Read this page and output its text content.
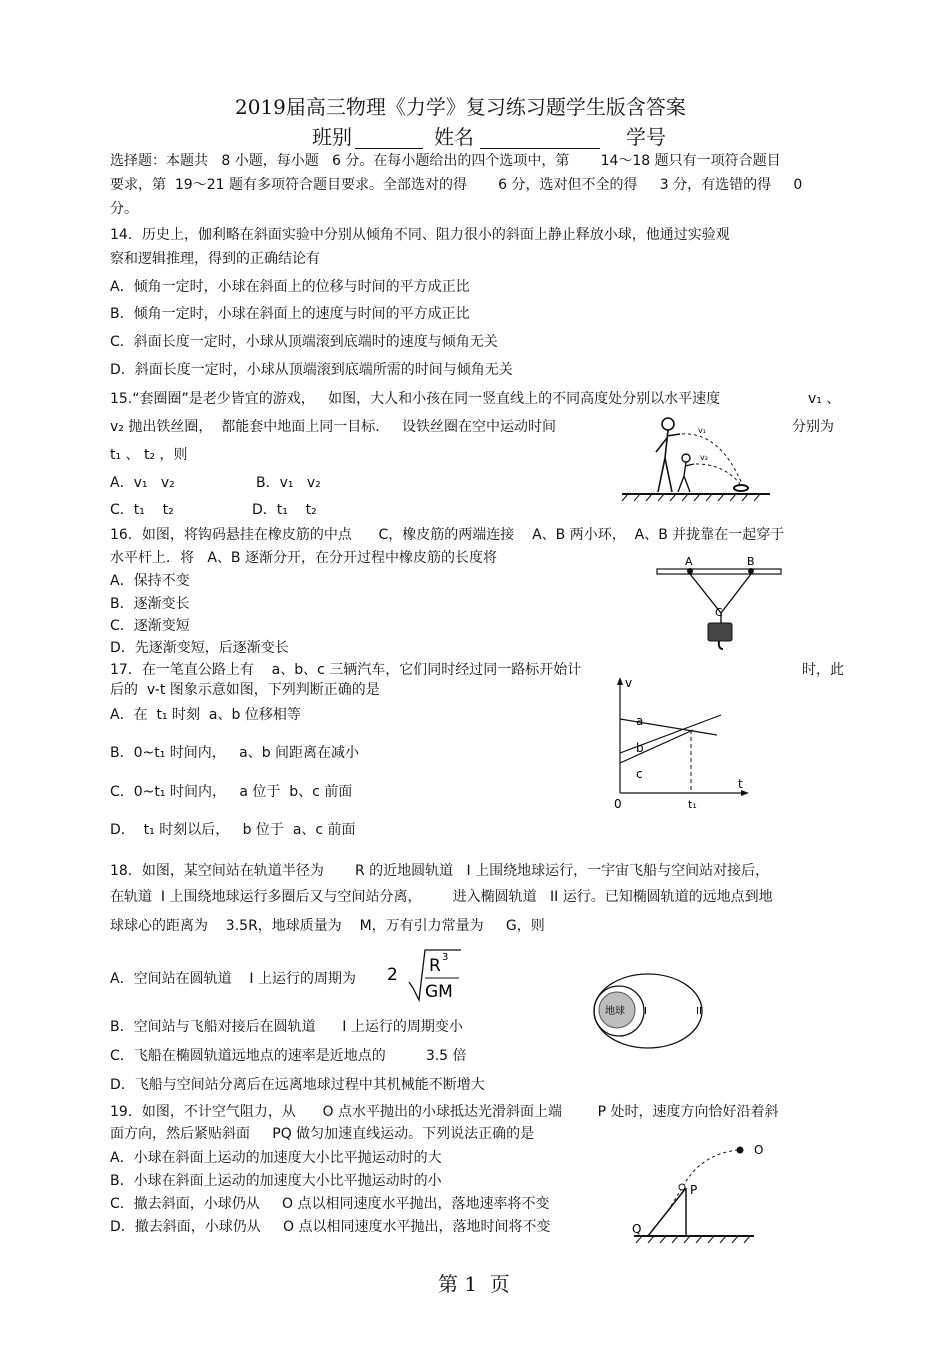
2019届高三物理《力学》复习练习题学生版含答案
班别	姓名	学号
选择题：本题共   8 小题，每小题   6 分。在每小题给出的四个选项中，第       14～18 题只有一项符合题目
要求，第  19～21 题有多项符合题目要求。全部选对的得       6 分，选对但不全的得     3 分，有选错的得     0
分。
14．历史上，伽利略在斜面实验中分别从倾角不同、阻力很小的斜面上静止释放小球，他通过实验观
察和逻辑推理，得到的正确结论有
A．倾角一定时，小球在斜面上的位移与时间的平方成正比
B．倾角一定时，小球在斜面上的速度与时间的平方成正比
C．斜面长度一定时，小球从顶端滚到底端时的速度与倾角无关
D．斜面长度一定时，小球从顶端滚到底端所需的时间与倾角无关
15.“套圈圈”是老少皆宜的游戏，   如图，大人和小孩在同一竖直线上的不同高度处分别以水平速度	v₁ 、
v₂ 抛出铁丝圈，  都能套中地面上同一目标.     设铁丝圈在空中运动时间	分别为
t₁ 、 t₂ ，则
A．v₁   v₂	B．v₁   v₂
C．t₁    t₂	D．t₁    t₂
v₁
v₂
16．如图，将钩码悬挂在橡皮筋的中点      C，橡皮筋的两端连接    A、B 两小环，  A、B 并拢靠在一起穿于
水平杆上．将   A、B 逐渐分开，在分开过程中橡皮筋的长度将
A．保持不变
B．逐渐变长
C．逐渐变短
D．先逐渐变短，后逐渐变长
A	B
C
17．在一笔直公路上有    a、b、c 三辆汽车，它们同时经过同一路标开始计	时，此
后的  v-t 图象示意如图，下列判断正确的是
A．在  t₁ 时刻  a、b 位移相等
B．0~t₁ 时间内，   a、b 间距离在减小
C．0~t₁ 时间内，   a 位于  b、c 前面
D．  t₁ 时刻以后，   b 位于  a、c 前面
v
t
0	t₁
a
b
c
18．如图，某空间站在轨道半径为       R 的近地圆轨道   I 上围绕地球运行，一宇宙飞船与空间站对接后，
在轨道  I 上围绕地球运行多圈后又与空间站分离，       进入椭圆轨道   II 运行。已知椭圆轨道的远地点到地
球球心的距离为    3.5R，地球质量为    M，万有引力常量为     G，则
A．空间站在圆轨道    I 上运行的周期为 2 R 3
GM
B．空间站与飞船对接后在圆轨道      I 上运行的周期变小
C．飞船在椭圆轨道远地点的速率是近地点的         3.5 倍
D．飞船与空间站分离后在远离地球过程中其机械能不断增大
地球 I	II
19．如图，不计空气阻力，从      O 点水平抛出的小球抵达光滑斜面上端        P 处时，速度方向恰好沿着斜
面方向，然后紧贴斜面     PQ 做匀加速直线运动。下列说法正确的是
A．小球在斜面上运动的加速度大小比平抛运动时的大
B．小球在斜面上运动的加速度大小比平抛运动时的小
C．撤去斜面，小球仍从     O 点以相同速度水平抛出，落地速率将不变
D．撤去斜面，小球仍从     O 点以相同速度水平抛出，落地时间将不变
O
P
Q
第 1  页
